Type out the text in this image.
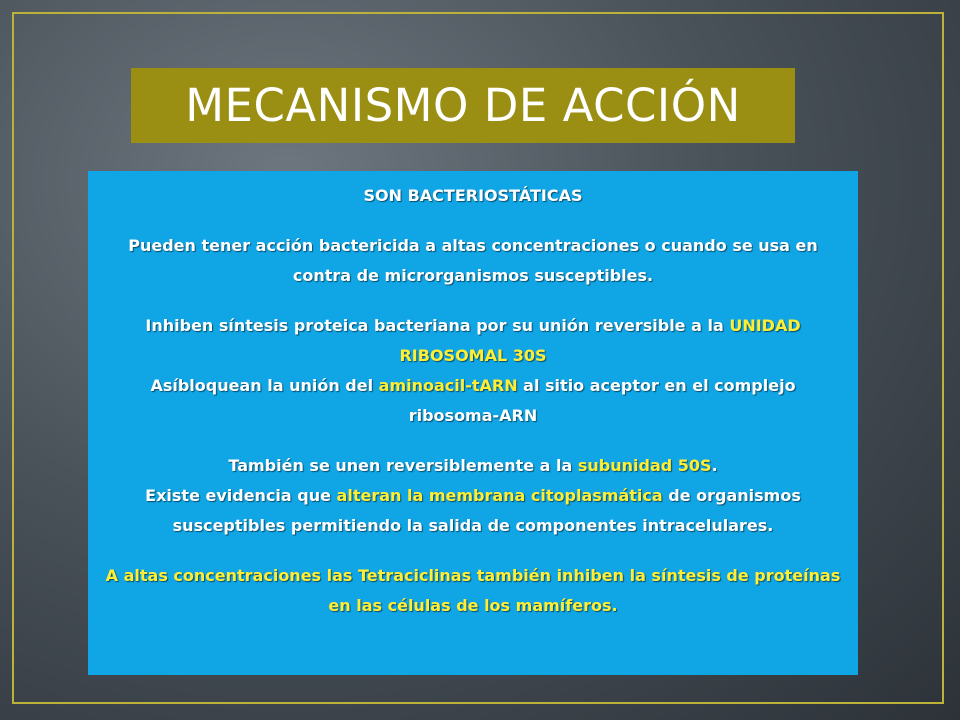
MECANISMO DE ACCIÓN

SON BACTERIOSTÁTICAS

Pueden tener acción bactericida a altas concentraciones o cuando se usa en contra de microrganismos susceptibles.

Inhiben síntesis proteica bacteriana por su unión reversible a la UNIDAD RIBOSOMAL 30S

Asíbloquean la unión del aminoacil-tARN al sitio aceptor en el complejo ribosoma-ARN

También se unen reversiblemente a la subunidad 50S.

Existe evidencia que alteran la membrana citoplasmática de organismos susceptibles permitiendo la salida de componentes intracelulares.

A altas concentraciones las Tetraciclinas también inhiben la síntesis de proteínas en las células de los mamíferos.
